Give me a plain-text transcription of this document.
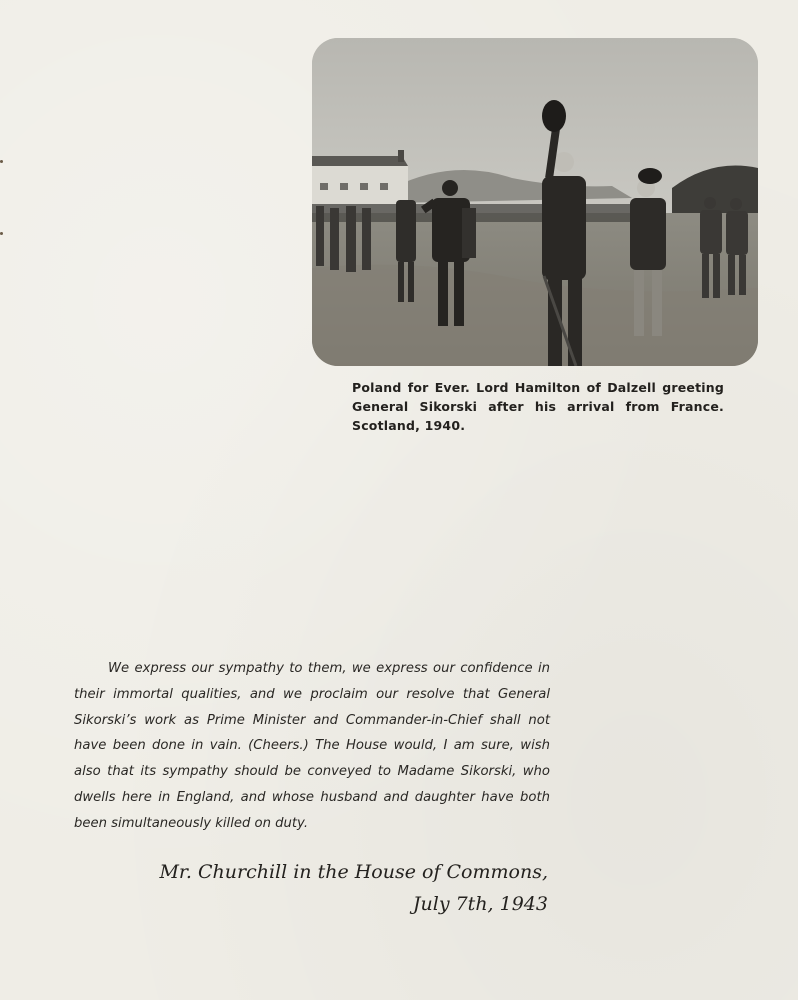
Poland for Ever. Lord Hamilton of Dalzell greeting
General Sikorski after his arrival from France.
Scotland, 1940.
We express our sympathy to them, we express our confidence in
their immortal qualities, and we proclaim our resolve that General
Sikorski’s work as Prime Minister and Commander-in-Chief shall not
have been done in vain. (Cheers.) The House would, I am sure, wish
also that its sympathy should be conveyed to Madame Sikorski, who
dwells here in England, and whose husband and daughter have both
been simultaneously killed on duty.
Mr. Churchill in the House of Commons,
July 7th, 1943
